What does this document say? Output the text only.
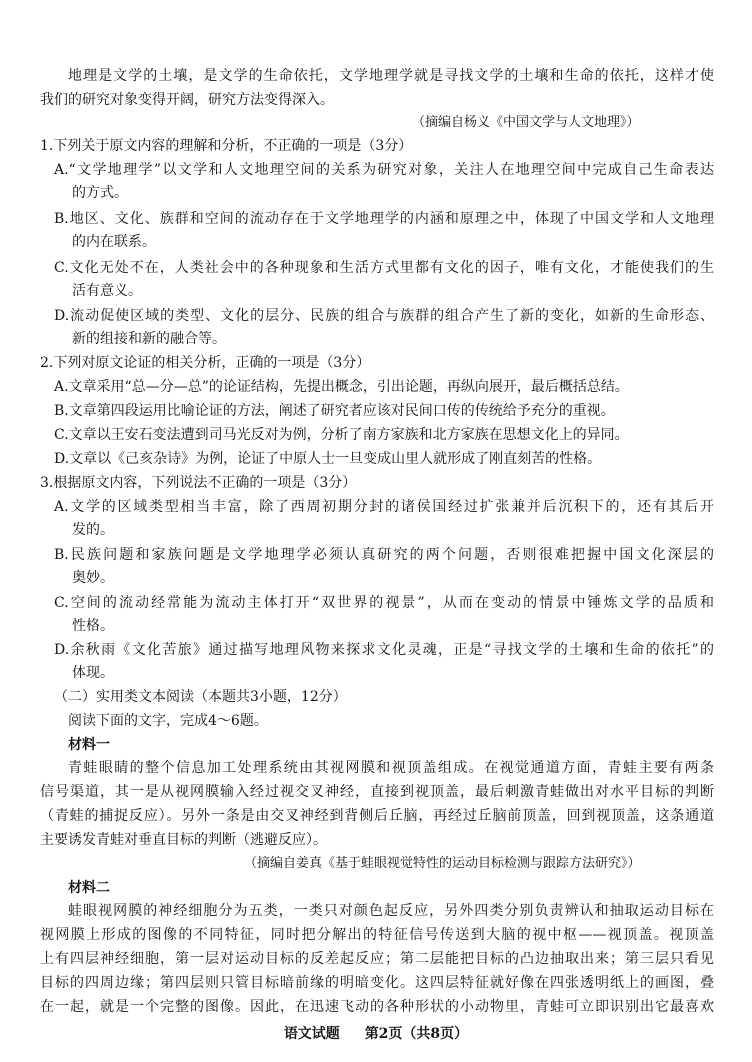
地理是文学的土壤，是文学的生命依托，文学地理学就是寻找文学的土壤和生命的依托，这样才使
我们的研究对象变得开阔，研究方法变得深入。
（摘编自杨义《中国文学与人文地理》）
1.下列关于原文内容的理解和分析，不正确的一项是（3分）
A.“文学地理学”以文学和人文地理空间的关系为研究对象，关注人在地理空间中完成自己生命表达
的方式。
B.地区、文化、族群和空间的流动存在于文学地理学的内涵和原理之中，体现了中国文学和人文地理
的内在联系。
C.文化无处不在，人类社会中的各种现象和生活方式里都有文化的因子，唯有文化，才能使我们的生
活有意义。
D.流动促使区域的类型、文化的层分、民族的组合与族群的组合产生了新的变化，如新的生命形态、
新的组接和新的融合等。
2.下列对原文论证的相关分析，正确的一项是（3分）
A.文章采用“总—分—总”的论证结构，先提出概念，引出论题，再纵向展开，最后概括总结。
B.文章第四段运用比喻论证的方法，阐述了研究者应该对民间口传的传统给予充分的重视。
C.文章以王安石变法遭到司马光反对为例，分析了南方家族和北方家族在思想文化上的异同。
D.文章以《己亥杂诗》为例，论证了中原人士一旦变成山里人就形成了刚直刻苦的性格。
3.根据原文内容，下列说法不正确的一项是（3分）
A.文学的区域类型相当丰富，除了西周初期分封的诸侯国经过扩张兼并后沉积下的，还有其后开
发的。
B.民族问题和家族问题是文学地理学必须认真研究的两个问题，否则很难把握中国文化深层的
奥妙。
C.空间的流动经常能为流动主体打开“双世界的视景”，从而在变动的情景中锤炼文学的品质和
性格。
D.余秋雨《文化苦旅》通过描写地理风物来探求文化灵魂，正是“寻找文学的土壤和生命的依托”的
体现。
（二）实用类文本阅读（本题共3小题，12分）
阅读下面的文字，完成4～6题。
材料一
青蛙眼睛的整个信息加工处理系统由其视网膜和视顶盖组成。在视觉通道方面，青蛙主要有两条
信号渠道，其一是从视网膜输入经过视交叉神经，直接到视顶盖，最后刺激青蛙做出对水平目标的判断
（青蛙的捕捉反应）。另外一条是由交叉神经到背侧后丘脑，再经过丘脑前顶盖，回到视顶盖，这条通道
主要诱发青蛙对垂直目标的判断（逃避反应）。
（摘编自姜真《基于蛙眼视觉特性的运动目标检测与跟踪方法研究》）
材料二
蛙眼视网膜的神经细胞分为五类，一类只对颜色起反应，另外四类分别负责辨认和抽取运动目标在
视网膜上形成的图像的不同特征，同时把分解出的特征信号传送到大脑的视中枢——视顶盖。视顶盖
上有四层神经细胞，第一层对运动目标的反差起反应；第二层能把目标的凸边抽取出来；第三层只看见
目标的四周边缘；第四层则只管目标暗前缘的明暗变化。这四层特征就好像在四张透明纸上的画图，叠
在一起，就是一个完整的图像。因此，在迅速飞动的各种形状的小动物里，青蛙可立即识别出它最喜欢
语文试题 第2页（共8页）
